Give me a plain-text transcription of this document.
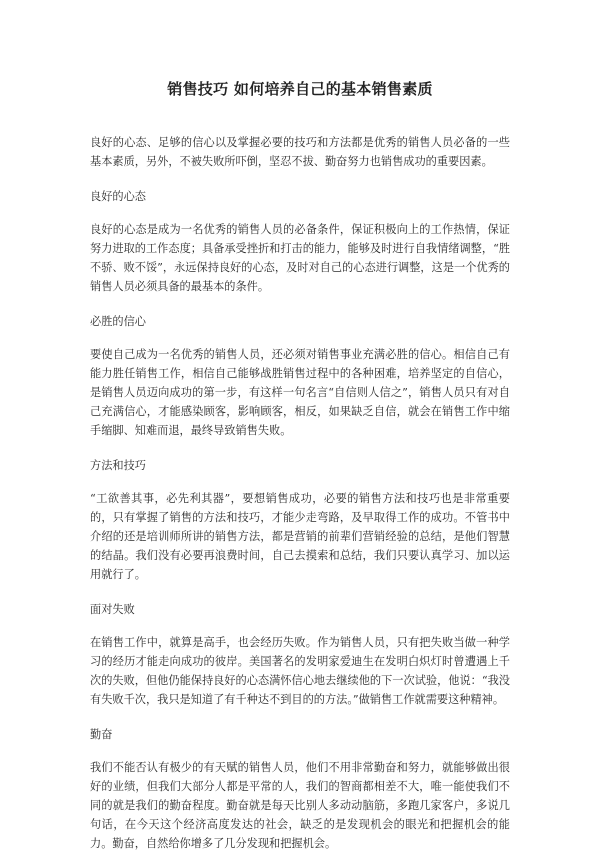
销售技巧 如何培养自己的基本销售素质

良好的心态、足够的信心以及掌握必要的技巧和方法都是优秀的销售人员必备的一些基本素质，另外，不被失败所吓倒，坚忍不拔、勤奋努力也销售成功的重要因素。

良好的心态

良好的心态是成为一名优秀的销售人员的必备条件，保证积极向上的工作热情，保证努力进取的工作态度；具备承受挫折和打击的能力，能够及时进行自我情绪调整，“胜不骄、败不馁”，永远保持良好的心态，及时对自己的心态进行调整，这是一个优秀的销售人员必须具备的最基本的条件。

必胜的信心

要使自己成为一名优秀的销售人员，还必须对销售事业充满必胜的信心。相信自己有能力胜任销售工作，相信自己能够战胜销售过程中的各种困难，培养坚定的自信心，是销售人员迈向成功的第一步，有这样一句名言“自信则人信之”，销售人员只有对自己充满信心，才能感染顾客，影响顾客，相反，如果缺乏自信，就会在销售工作中缩手缩脚、知难而退，最终导致销售失败。

方法和技巧

“工欲善其事，必先利其器”，要想销售成功，必要的销售方法和技巧也是非常重要的，只有掌握了销售的方法和技巧，才能少走弯路，及早取得工作的成功。不管书中介绍的还是培训师所讲的销售方法，都是营销的前辈们营销经验的总结，是他们智慧的结晶。我们没有必要再浪费时间，自己去摸索和总结，我们只要认真学习、加以运用就行了。

面对失败

在销售工作中，就算是高手，也会经历失败。作为销售人员，只有把失败当做一种学习的经历才能走向成功的彼岸。美国著名的发明家爱迪生在发明白炽灯时曾遭遇上千次的失败，但他仍能保持良好的心态满怀信心地去继续他的下一次试验，他说：“我没有失败千次，我只是知道了有千种达不到目的的方法。”做销售工作就需要这种精神。

勤奋

我们不能否认有极少的有天赋的销售人员，他们不用非常勤奋和努力，就能够做出很好的业绩，但我们大部分人都是平常的人，我们的智商都相差不大，唯一能使我们不同的就是我们的勤奋程度。勤奋就是每天比别人多动动脑筋，多跑几家客户，多说几句话，在今天这个经济高度发达的社会，缺乏的是发现机会的眼光和把握机会的能力。勤奋，自然给你增多了几分发现和把握机会。
